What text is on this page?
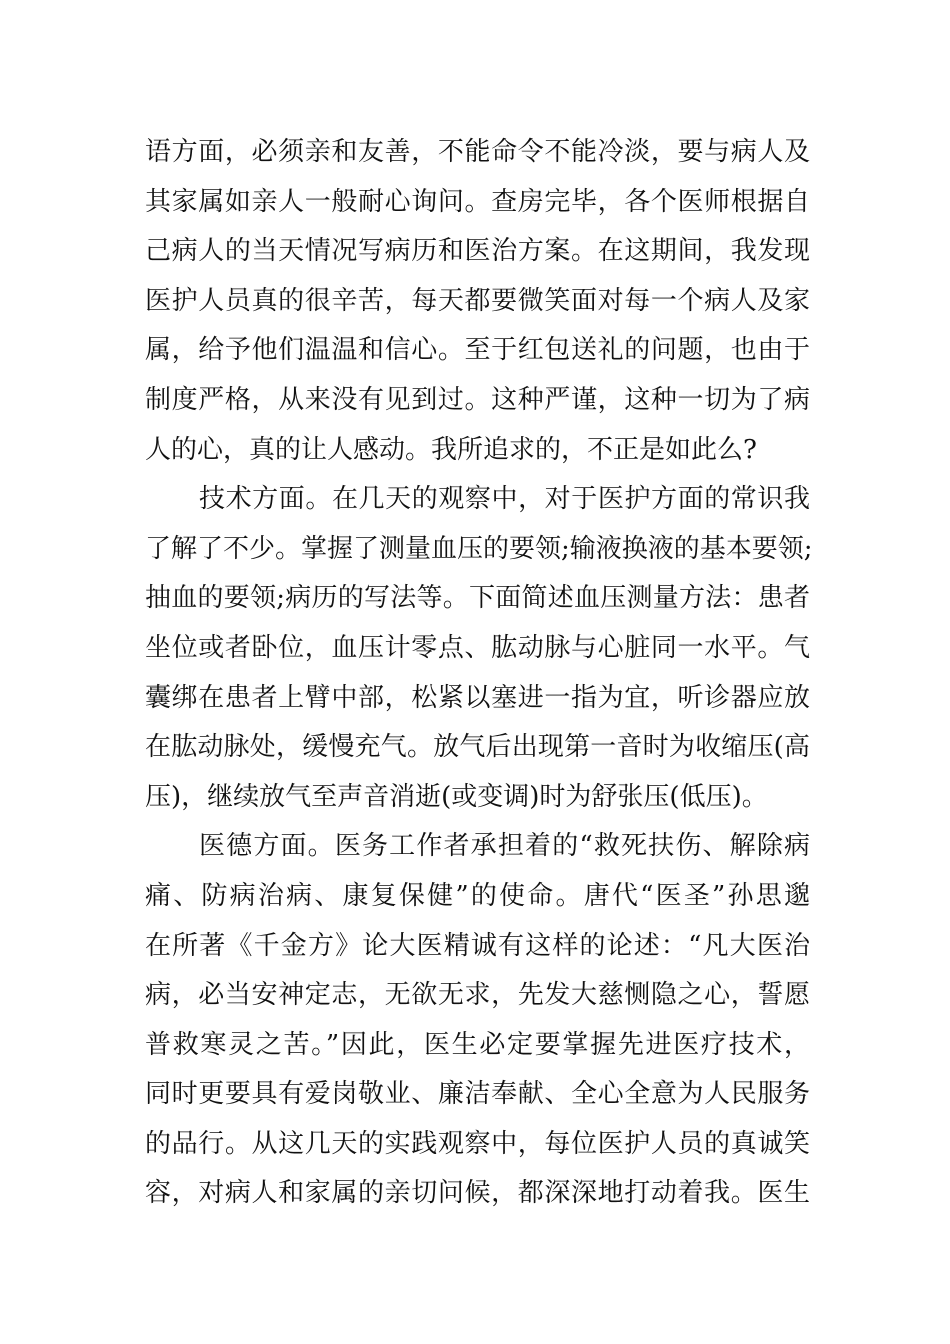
语方面，必须亲和友善，不能命令不能冷淡，要与病人及
其家属如亲人一般耐心询问。查房完毕，各个医师根据自
己病人的当天情况写病历和医治方案。在这期间，我发现
医护人员真的很辛苦，每天都要微笑面对每一个病人及家
属，给予他们温温和信心。至于红包送礼的问题，也由于
制度严格，从来没有见到过。这种严谨，这种一切为了病
人的心，真的让人感动。我所追求的，不正是如此么?
技术方面。在几天的观察中，对于医护方面的常识我
了解了不少。掌握了测量血压的要领;输液换液的基本要领;
抽血的要领;病历的写法等。下面简述血压测量方法：患者
坐位或者卧位，血压计零点、肱动脉与心脏同一水平。气
囊绑在患者上臂中部，松紧以塞进一指为宜，听诊器应放
在肱动脉处，缓慢充气。放气后出现第一音时为收缩压(高
压)，继续放气至声音消逝(或变调)时为舒张压(低压)。
医德方面。医务工作者承担着的“救死扶伤、解除病
痛、防病治病、康复保健”的使命。唐代“医圣”孙思邈
在所著《千金方》论大医精诚有这样的论述：“凡大医治
病，必当安神定志，无欲无求，先发大慈恻隐之心，誓愿
普救寒灵之苦。”因此，医生必定要掌握先进医疗技术，
同时更要具有爱岗敬业、廉洁奉献、全心全意为人民服务
的品行。从这几天的实践观察中，每位医护人员的真诚笑
容，对病人和家属的亲切问候，都深深地打动着我。医生
